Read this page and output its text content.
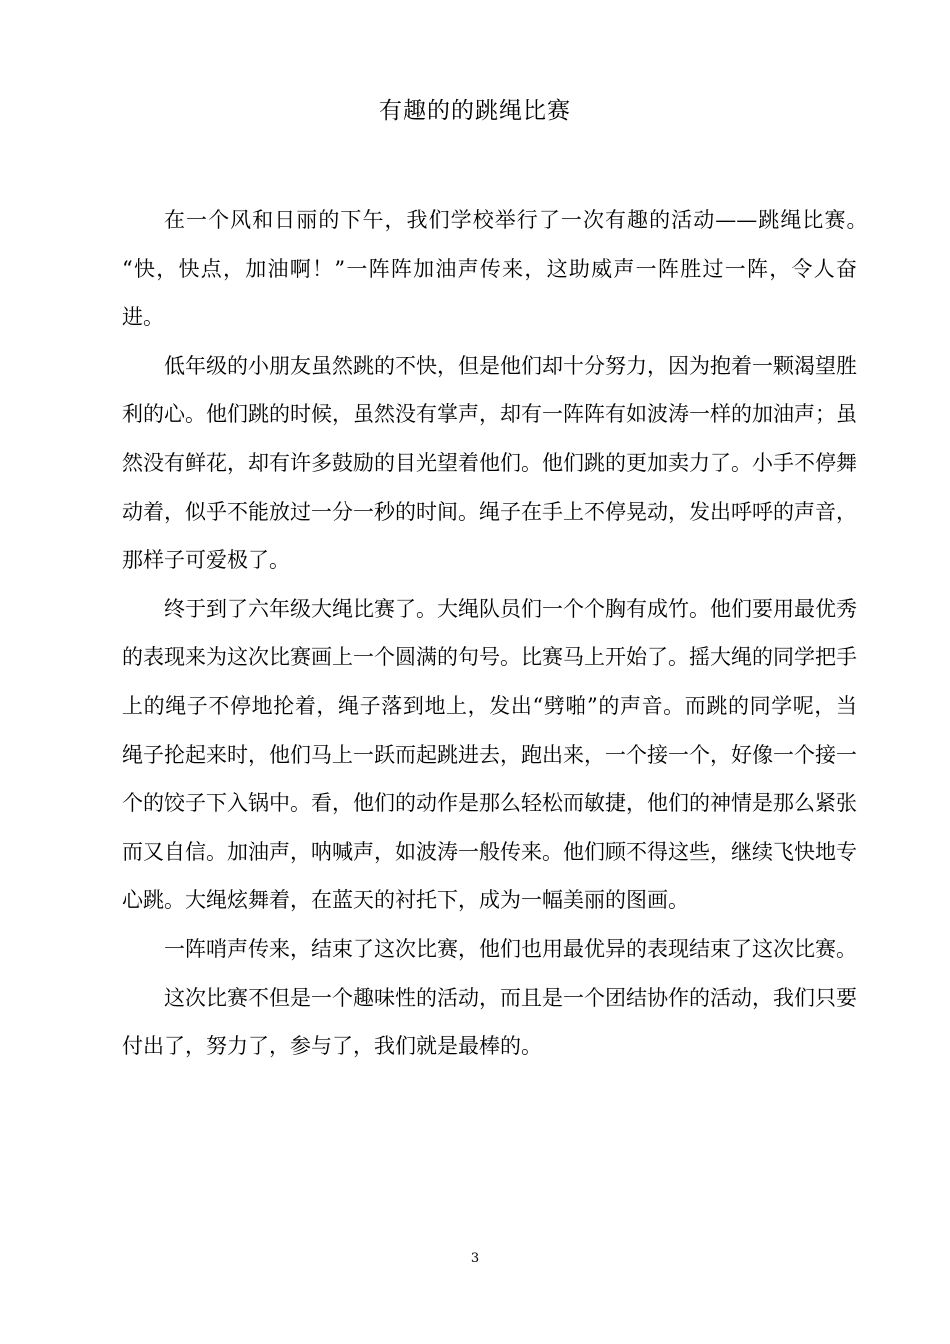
有趣的的跳绳比赛

在一个风和日丽的下午，我们学校举行了一次有趣的活动——跳绳比赛。　“快，快点，加油啊！”一阵阵加油声传来，这助威声一阵胜过一阵，令人奋进。

低年级的小朋友虽然跳的不快，但是他们却十分努力，因为抱着一颗渴望胜利的心。他们跳的时候，虽然没有掌声，却有一阵阵有如波涛一样的加油声；虽然没有鲜花，却有许多鼓励的目光望着他们。他们跳的更加卖力了。小手不停舞动着，似乎不能放过一分一秒的时间。绳子在手上不停晃动，发出呼呼的声音，那样子可爱极了。

终于到了六年级大绳比赛了。大绳队员们一个个胸有成竹。他们要用最优秀的表现来为这次比赛画上一个圆满的句号。比赛马上开始了。摇大绳的同学把手上的绳子不停地抡着，绳子落到地上，发出“劈啪”的声音。而跳的同学呢，当绳子抡起来时，他们马上一跃而起跳进去，跑出来，一个接一个，好像一个接一个的饺子下入锅中。看，他们的动作是那么轻松而敏捷，他们的神情是那么紧张而又自信。加油声，呐喊声，如波涛一般传来。他们顾不得这些，继续飞快地专心跳。大绳炫舞着，在蓝天的衬托下，成为一幅美丽的图画。

一阵哨声传来，结束了这次比赛，他们也用最优异的表现结束了这次比赛。

这次比赛不但是一个趣味性的活动，而且是一个团结协作的活动，我们只要付出了，努力了，参与了，我们就是最棒的。

3
